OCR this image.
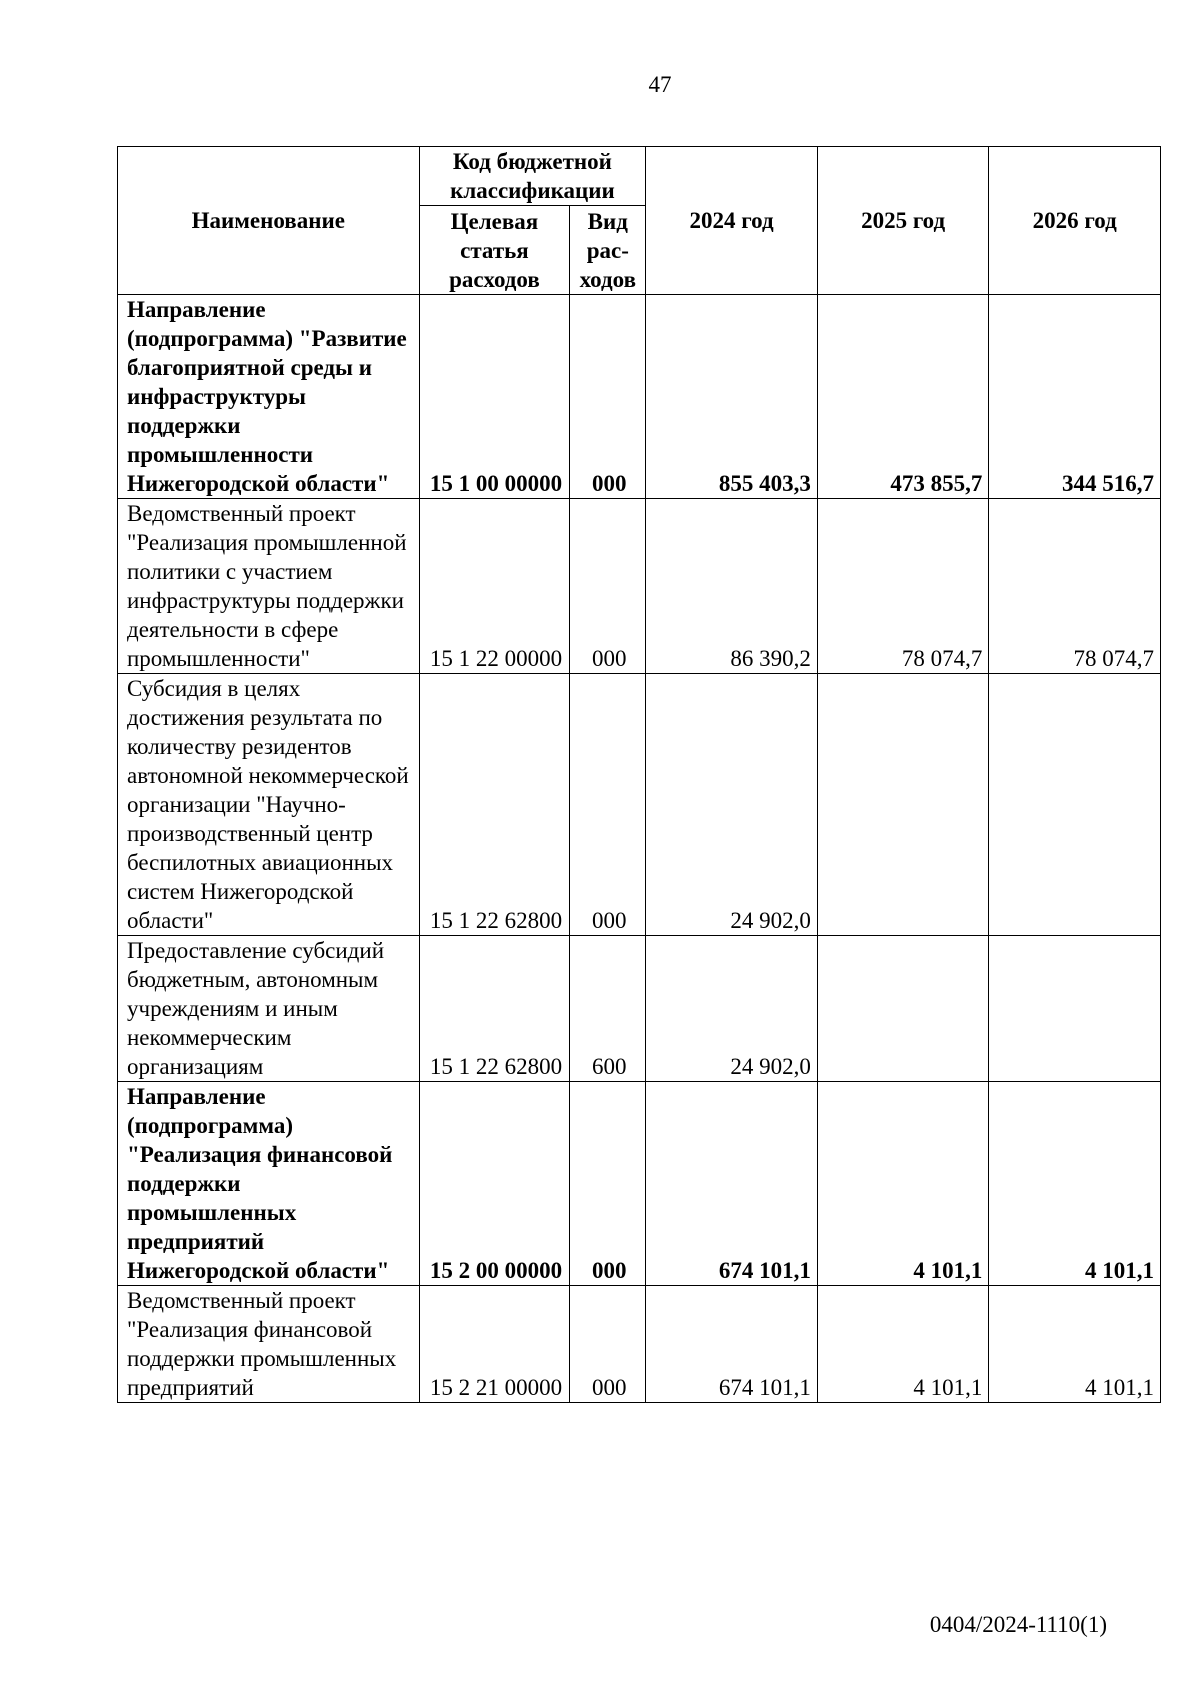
47
Наименование	Код бюджетной классификации		2024 год	2025 год	2026 год
	Целевая статья расходов	Вид рас-ходов			
Направление (подпрограмма) "Развитие благоприятной среды и инфраструктуры поддержки промышленности Нижегородской области"	15 1 00 00000	000	855 403,3	473 855,7	344 516,7
Ведомственный проект "Реализация промышленной политики с участием инфраструктуры поддержки деятельности в сфере промышленности"	15 1 22 00000	000	86 390,2	78 074,7	78 074,7
Субсидия в целях достижения результата по количеству резидентов автономной некоммерческой организации "Научно-производственный центр беспилотных авиационных систем Нижегородской области"	15 1 22 62800	000	24 902,0		
Предоставление субсидий бюджетным, автономным учреждениям и иным некоммерческим организациям	15 1 22 62800	600	24 902,0		
Направление (подпрограмма) "Реализация финансовой поддержки промышленных предприятий Нижегородской области"	15 2 00 00000	000	674 101,1	4 101,1	4 101,1
Ведомственный проект "Реализация финансовой поддержки промышленных предприятий	15 2 21 00000	000	674 101,1	4 101,1	4 101,1
0404/2024-1110(1)
